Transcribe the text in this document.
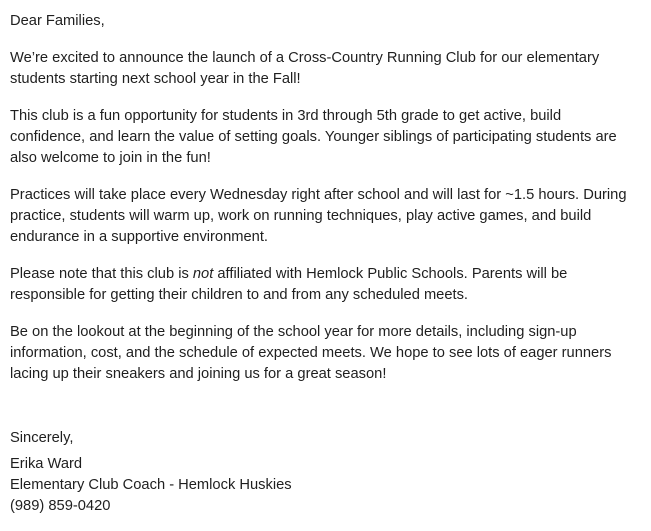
Dear Families,

We’re excited to announce the launch of a Cross-Country Running Club for our elementary students starting next school year in the Fall!

This club is a fun opportunity for students in 3rd through 5th grade to get active, build confidence, and learn the value of setting goals. Younger siblings of participating students are also welcome to join in the fun!

Practices will take place every Wednesday right after school and will last for ~1.5 hours. During practice, students will warm up, work on running techniques, play active games, and build endurance in a supportive environment.

Please note that this club is not affiliated with Hemlock Public Schools. Parents will be responsible for getting their children to and from any scheduled meets.

Be on the lookout at the beginning of the school year for more details, including sign-up information, cost, and the schedule of expected meets. We hope to see lots of eager runners lacing up their sneakers and joining us for a great season!

Sincerely,

Erika Ward

Elementary Club Coach - Hemlock Huskies

(989) 859-0420
